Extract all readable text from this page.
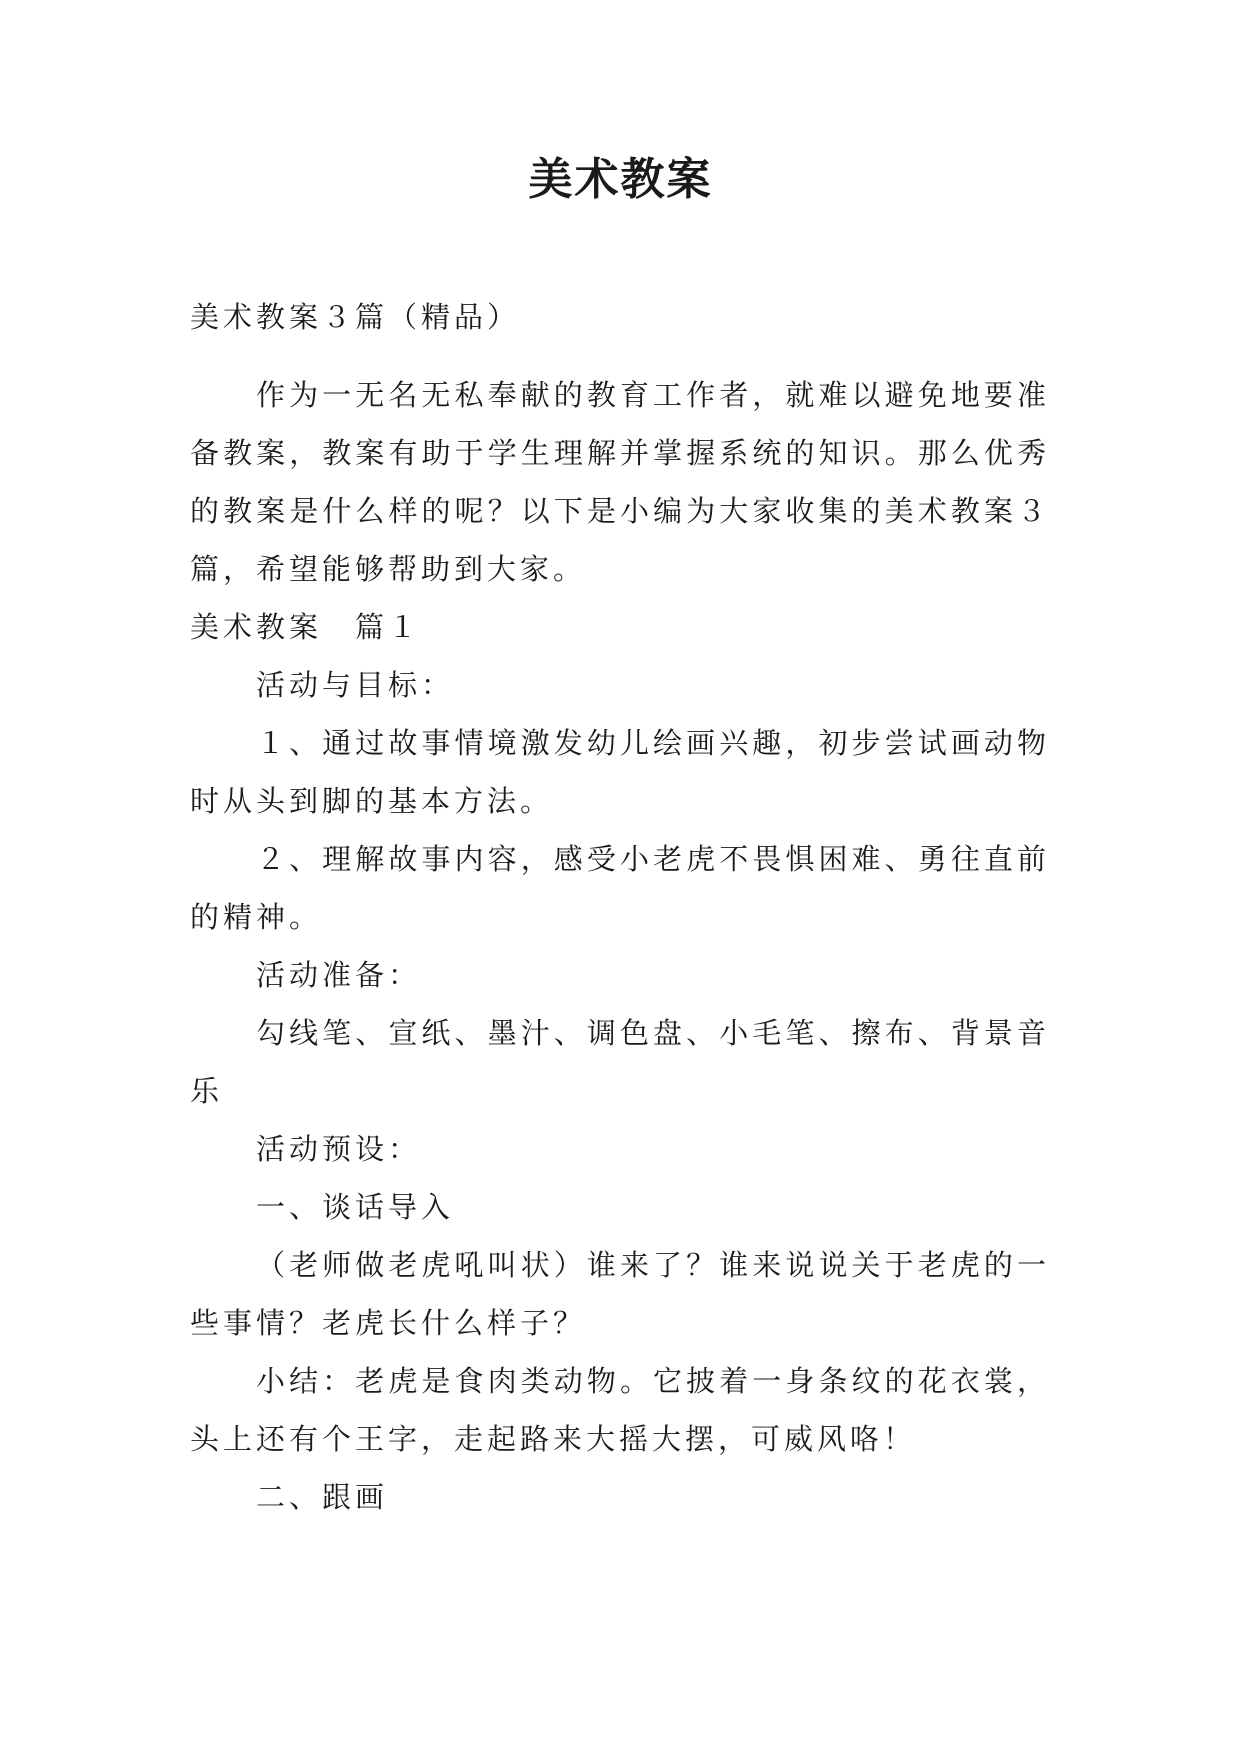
美术教案
美术教案３篇（精品）

作为一无名无私奉献的教育工作者，就难以避免地要准备教案，教案有助于学生理解并掌握系统的知识。那么优秀的教案是什么样的呢？以下是小编为大家收集的美术教案３篇，希望能够帮助到大家。

美术教案　篇１

活动与目标：

１、通过故事情境激发幼儿绘画兴趣，初步尝试画动物时从头到脚的基本方法。

２、理解故事内容，感受小老虎不畏惧困难、勇往直前的精神。

活动准备：

勾线笔、宣纸、墨汁、调色盘、小毛笔、擦布、背景音乐

活动预设：

一、谈话导入

（老师做老虎吼叫状）谁来了？谁来说说关于老虎的一些事情？老虎长什么样子？

小结：老虎是食肉类动物。它披着一身条纹的花衣裳，头上还有个王字，走起路来大摇大摆，可威风咯！

二、跟画
